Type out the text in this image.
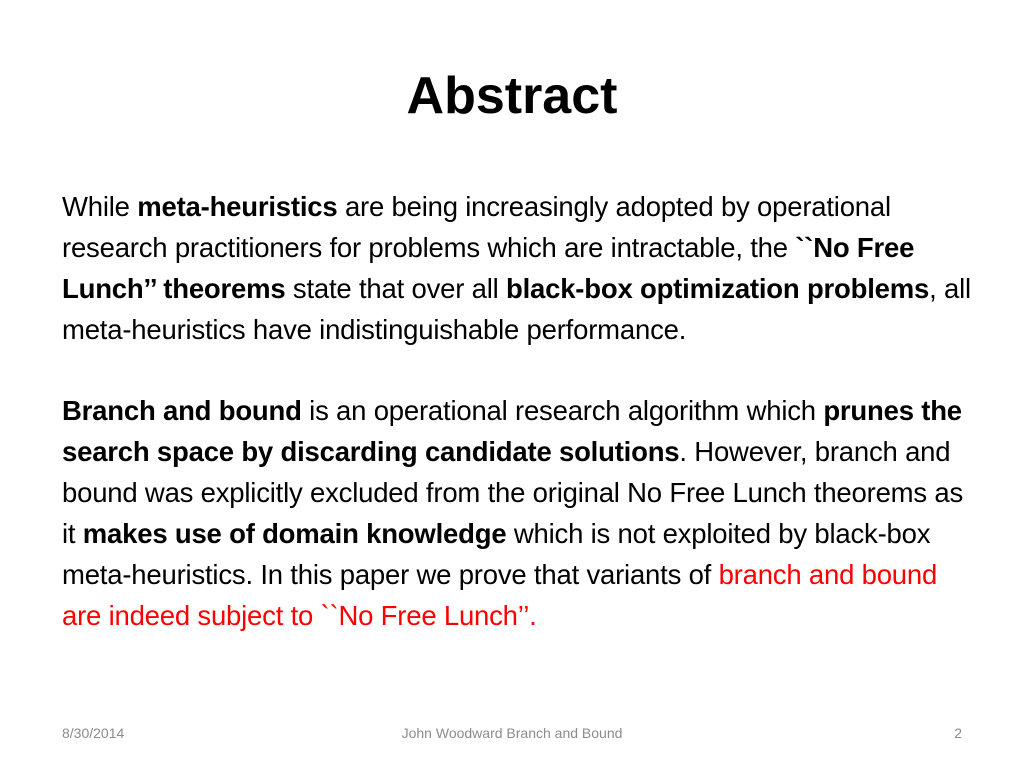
Abstract

While meta-heuristics are being increasingly adopted by operational research practitioners for problems which are intractable, the ``No Free Lunch’’ theorems state that over all black-box optimization problems, all meta-heuristics have indistinguishable performance.

Branch and bound is an operational research algorithm which prunes the search space by discarding candidate solutions. However, branch and bound was explicitly excluded from the original No Free Lunch theorems as it makes use of domain knowledge which is not exploited by black-box meta-heuristics. In this paper we prove that variants of branch and bound are indeed subject to ``No Free Lunch’’.

8/30/2014	John Woodward Branch and Bound	2
